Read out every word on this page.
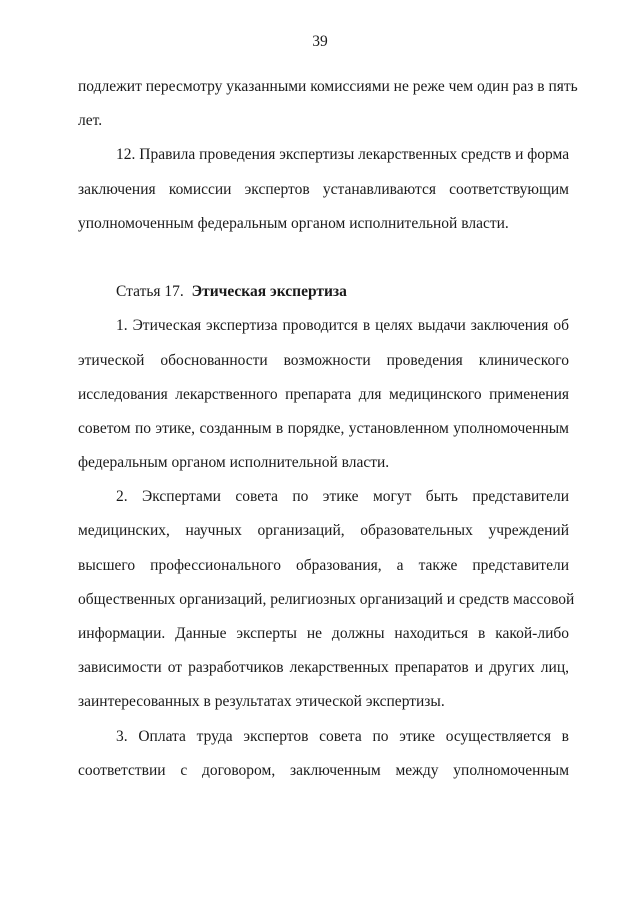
39
подлежит пересмотру указанными комиссиями не реже чем один раз в пять
лет.
12. Правила проведения экспертизы лекарственных средств и форма
заключения комиссии экспертов устанавливаются соответствующим
уполномоченным федеральным органом исполнительной власти.
Статья 17. Этическая экспертиза
1. Этическая экспертиза проводится в целях выдачи заключения об
этической обоснованности возможности проведения клинического
исследования лекарственного препарата для медицинского применения
советом по этике, созданным в порядке, установленном уполномоченным
федеральным органом исполнительной власти.
2. Экспертами совета по этике могут быть представители
медицинских, научных организаций, образовательных учреждений
высшего профессионального образования, а также представители
общественных организаций, религиозных организаций и средств массовой
информации. Данные эксперты не должны находиться в какой-либо
зависимости от разработчиков лекарственных препаратов и других лиц,
заинтересованных в результатах этической экспертизы.
3. Оплата труда экспертов совета по этике осуществляется в
соответствии с договором, заключенным между уполномоченным
